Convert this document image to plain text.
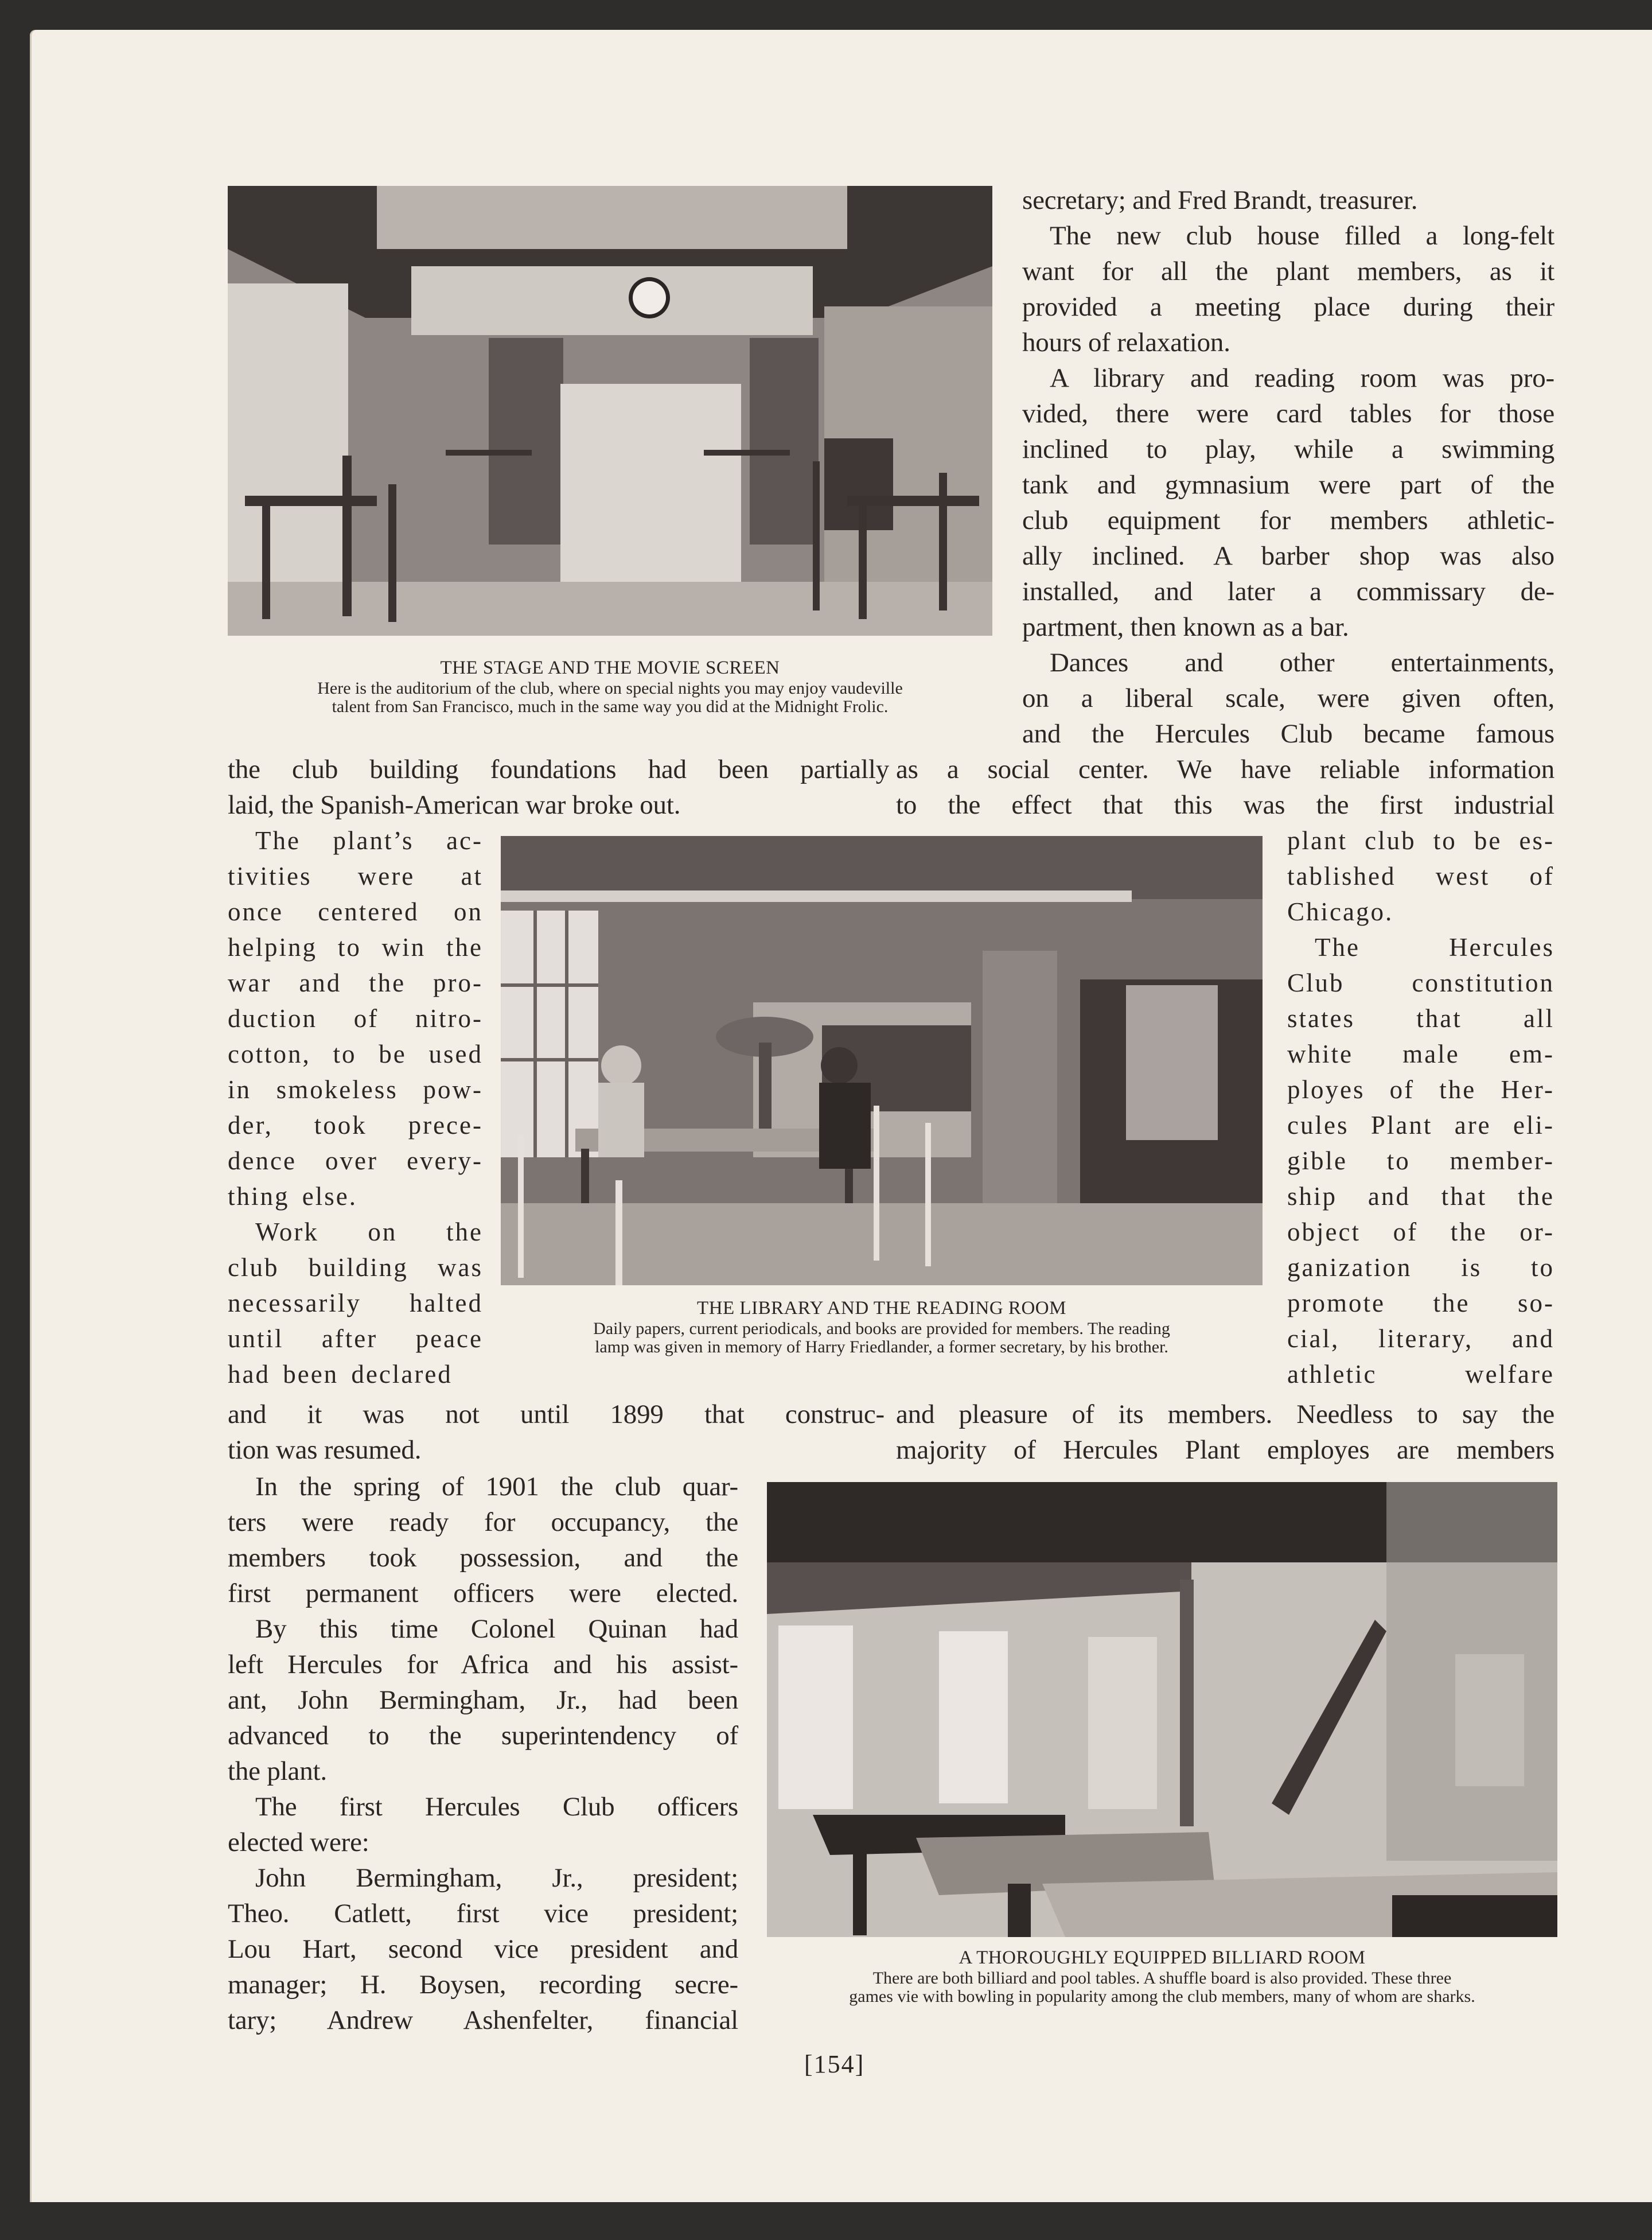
THE STAGE AND THE MOVIE SCREEN
Here is the auditorium of the club, where on special nights you may enjoy vaudeville
talent from San Francisco, much in the same way you did at the Midnight Frolic.
secretary; and Fred Brandt, treasurer.
The new club house filled a long-felt
want for all the plant members, as it
provided a meeting place during their
hours of relaxation.
A library and reading room was pro-
vided, there were card tables for those
inclined to play, while a swimming
tank and gymnasium were part of the
club equipment for members athletic-
ally inclined. A barber shop was also
installed, and later a commissary de-
partment, then known as a bar.
Dances and other entertainments,
on a liberal scale, were given often,
and the Hercules Club became famous
the club building foundations had been partially
laid, the Spanish-American war broke out.
as a social center. We have reliable information
to the effect that this was the first industrial
The plant’s ac-
tivities were at
once centered on
helping to win the
war and the pro-
duction of nitro-
cotton, to be used
in smokeless pow-
der, took prece-
dence over every-
thing else.
Work on the
club building was
necessarily halted
until after peace
had been declared
THE LIBRARY AND THE READING ROOM
Daily papers, current periodicals, and books are provided for members. The reading
lamp was given in memory of Harry Friedlander, a former secretary, by his brother.
plant club to be es-
tablished west of
Chicago.
The Hercules
Club constitution
states that all
white male em-
ployes of the Her-
cules Plant are eli-
gible to member-
ship and that the
object of the or-
ganization is to
promote the so-
cial, literary, and
athletic welfare
and it was not until 1899 that construc-
tion was resumed.
and pleasure of its members. Needless to say the
majority of Hercules Plant employes are members
In the spring of 1901 the club quar-
ters were ready for occupancy, the
members took possession, and the
first permanent officers were elected.
By this time Colonel Quinan had
left Hercules for Africa and his assist-
ant, John Bermingham, Jr., had been
advanced to the superintendency of
the plant.
The first Hercules Club officers
elected were:
John Bermingham, Jr., president;
Theo. Catlett, first vice president;
Lou Hart, second vice president and
manager; H. Boysen, recording secre-
tary; Andrew Ashenfelter, financial
A THOROUGHLY EQUIPPED BILLIARD ROOM
There are both billiard and pool tables. A shuffle board is also provided. These three
games vie with bowling in popularity among the club members, many of whom are sharks.
[154]
